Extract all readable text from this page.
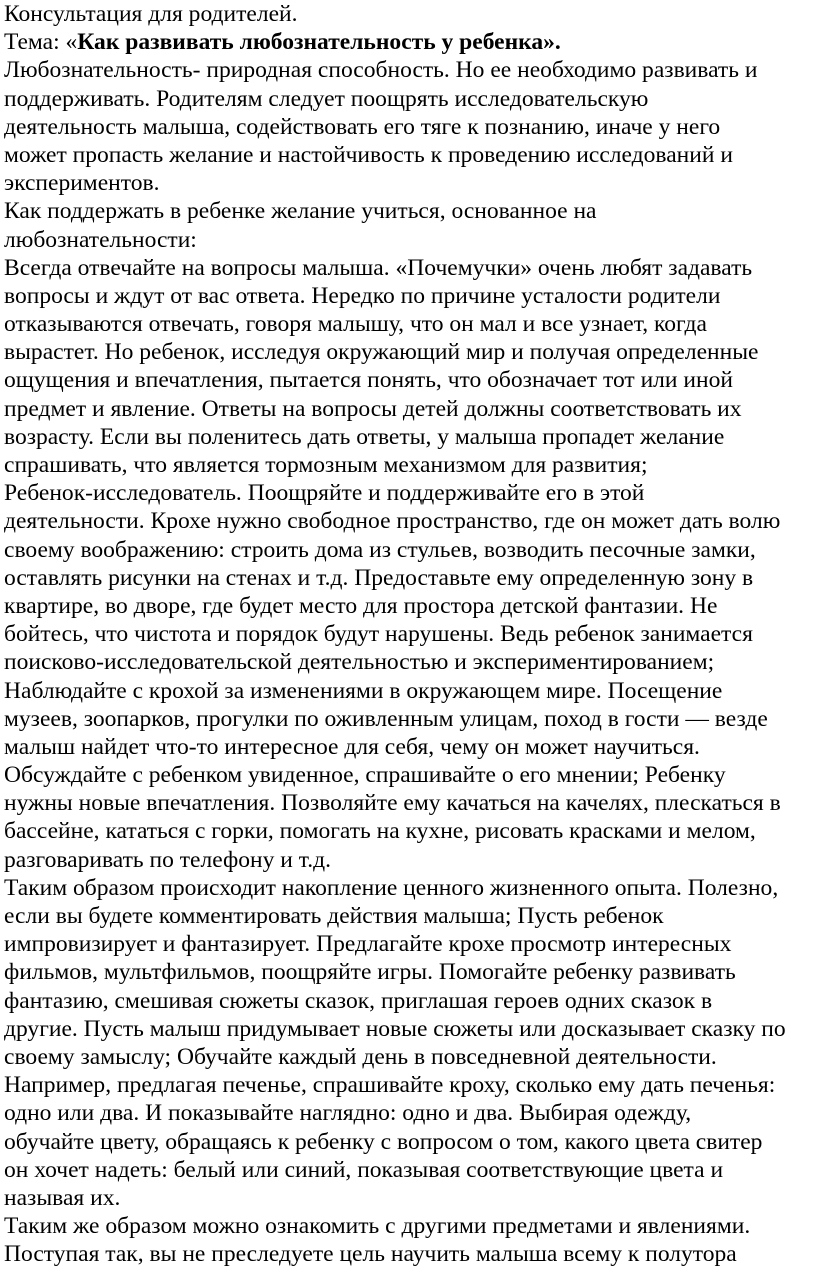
Консультация для родителей.
Тема: «Как развивать любознательность у ребенка».
Любознательность- природная способность. Но ее необходимо развивать и
поддерживать. Родителям следует поощрять исследовательскую
деятельность малыша, содействовать его тяге к познанию, иначе у него
может пропасть желание и настойчивость к проведению исследований и
экспериментов.
Как поддержать в ребенке желание учиться, основанное на
любознательности:
Всегда отвечайте на вопросы малыша. «Почемучки» очень любят задавать
вопросы и ждут от вас ответа. Нередко по причине усталости родители
отказываются отвечать, говоря малышу, что он мал и все узнает, когда
вырастет. Но ребенок, исследуя окружающий мир и получая определенные
ощущения и впечатления, пытается понять, что обозначает тот или иной
предмет и явление. Ответы на вопросы детей должны соответствовать их
возрасту. Если вы поленитесь дать ответы, у малыша пропадет желание
спрашивать, что является тормозным механизмом для развития;
Ребенок-исследователь. Поощряйте и поддерживайте его в этой
деятельности. Крохе нужно свободное пространство, где он может дать волю
своему воображению: строить дома из стульев, возводить песочные замки,
оставлять рисунки на стенах и т.д. Предоставьте ему определенную зону в
квартире, во дворе, где будет место для простора детской фантазии. Не
бойтесь, что чистота и порядок будут нарушены. Ведь ребенок занимается
поисково-исследовательской деятельностью и экспериментированием;
Наблюдайте с крохой за изменениями в окружающем мире. Посещение
музеев, зоопарков, прогулки по оживленным улицам, поход в гости — везде
малыш найдет что-то интересное для себя, чему он может научиться.
Обсуждайте с ребенком увиденное, спрашивайте о его мнении; Ребенку
нужны новые впечатления. Позволяйте ему качаться на качелях, плескаться в
бассейне, кататься с горки, помогать на кухне, рисовать красками и мелом,
разговаривать по телефону и т.д.
Таким образом происходит накопление ценного жизненного опыта. Полезно,
если вы будете комментировать действия малыша; Пусть ребенок
импровизирует и фантазирует. Предлагайте крохе просмотр интересных
фильмов, мультфильмов, поощряйте игры. Помогайте ребенку развивать
фантазию, смешивая сюжеты сказок, приглашая героев одних сказок в
другие. Пусть малыш придумывает новые сюжеты или досказывает сказку по
своему замыслу; Обучайте каждый день в повседневной деятельности.
Например, предлагая печенье, спрашивайте кроху, сколько ему дать печенья:
одно или два. И показывайте наглядно: одно и два. Выбирая одежду,
обучайте цвету, обращаясь к ребенку с вопросом о том, какого цвета свитер
он хочет надеть: белый или синий, показывая соответствующие цвета и
называя их.
Таким же образом можно ознакомить с другими предметами и явлениями.
Поступая так, вы не преследуете цель научить малыша всему к полутора
